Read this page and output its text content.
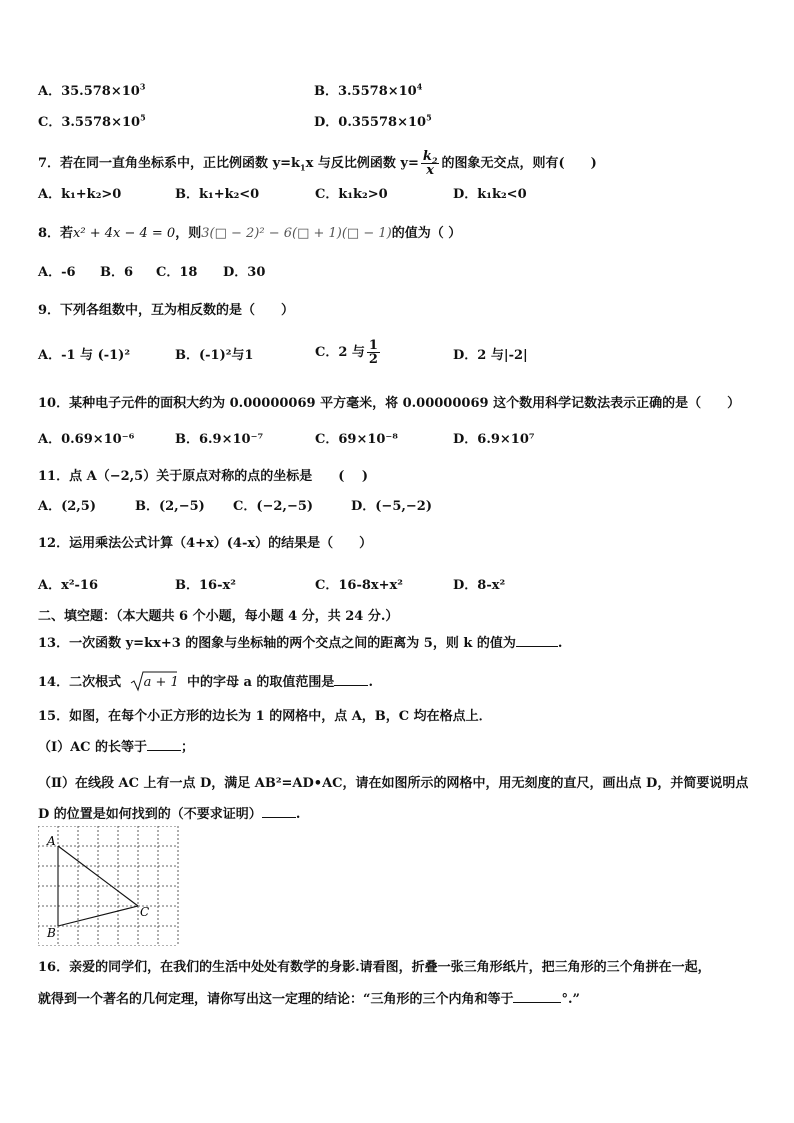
A．$35.578\times 10^3$	B．$3.5578\times 10^4$
C．$3.5578\times 10^5$	D．$0.35578\times 10^5$
7．若在同一直角坐标系中，正比例函数 $y=k_1x$ 与反比例函数 $y= \frac{k_2}{x}$ 的图象无交点，则有(　　)
A．k₁+k₂>0	B．k₁+k₂<0	C．k₁k₂>0	D．k₁k₂<0
8．若x² + 4x − 4 = 0，则3(□ − 2)² − 6(□ + 1)(□ − 1)的值为（ ）
A．-6 B．6 C．18 D．30
9．下列各组数中，互为相反数的是（　　）
A．-1 与 (-1)²	B．(-1)²与1	C．2 与 $\frac{1}{2}$	D．2 与|-2|
10．某种电子元件的面积大约为 0.00000069 平方毫米，将 0.00000069 这个数用科学记数法表示正确的是（　　）
A．0.69×10⁻⁶	B．6.9×10⁻⁷	C．69×10⁻⁸	D．6.9×10⁷
11．点 A（−2,5）关于原点对称的点的坐标是　　(　 )
A．(2,5)	B．(2,−5) C．(−2,−5)	D．(−5,−2)
12．运用乘法公式计算（4+x）(4-x）的结果是（　　）
A．x²-16	B．16-x²	C．16-8x+x²	D．8-x²
二、填空题：（本大题共 6 个小题，每小题 4 分，共 24 分.）
13．一次函数 y=kx+3 的图象与坐标轴的两个交点之间的距离为 5，则 k 的值为	.
14．二次根式 a + 1 中的字母 a 的取值范围是	.
15．如图，在每个小正方形的边长为 1 的网格中，点 A，B，C 均在格点上．
（Ⅰ）AC 的长等于	；
（Ⅱ）在线段 AC 上有一点 D，满足 AB²=AD•AC，请在如图所示的网格中，用无刻度的直尺，画出点 D，并简要说明点 D 的位置是如何找到的（不要求证明）	.
A
B
C
16．亲爱的同学们，在我们的生活中处处有数学的身影.请看图，折叠一张三角形纸片，把三角形的三个角拼在一起，
就得到一个著名的几何定理，请你写出这一定理的结论：“三角形的三个内角和等于	°.”
